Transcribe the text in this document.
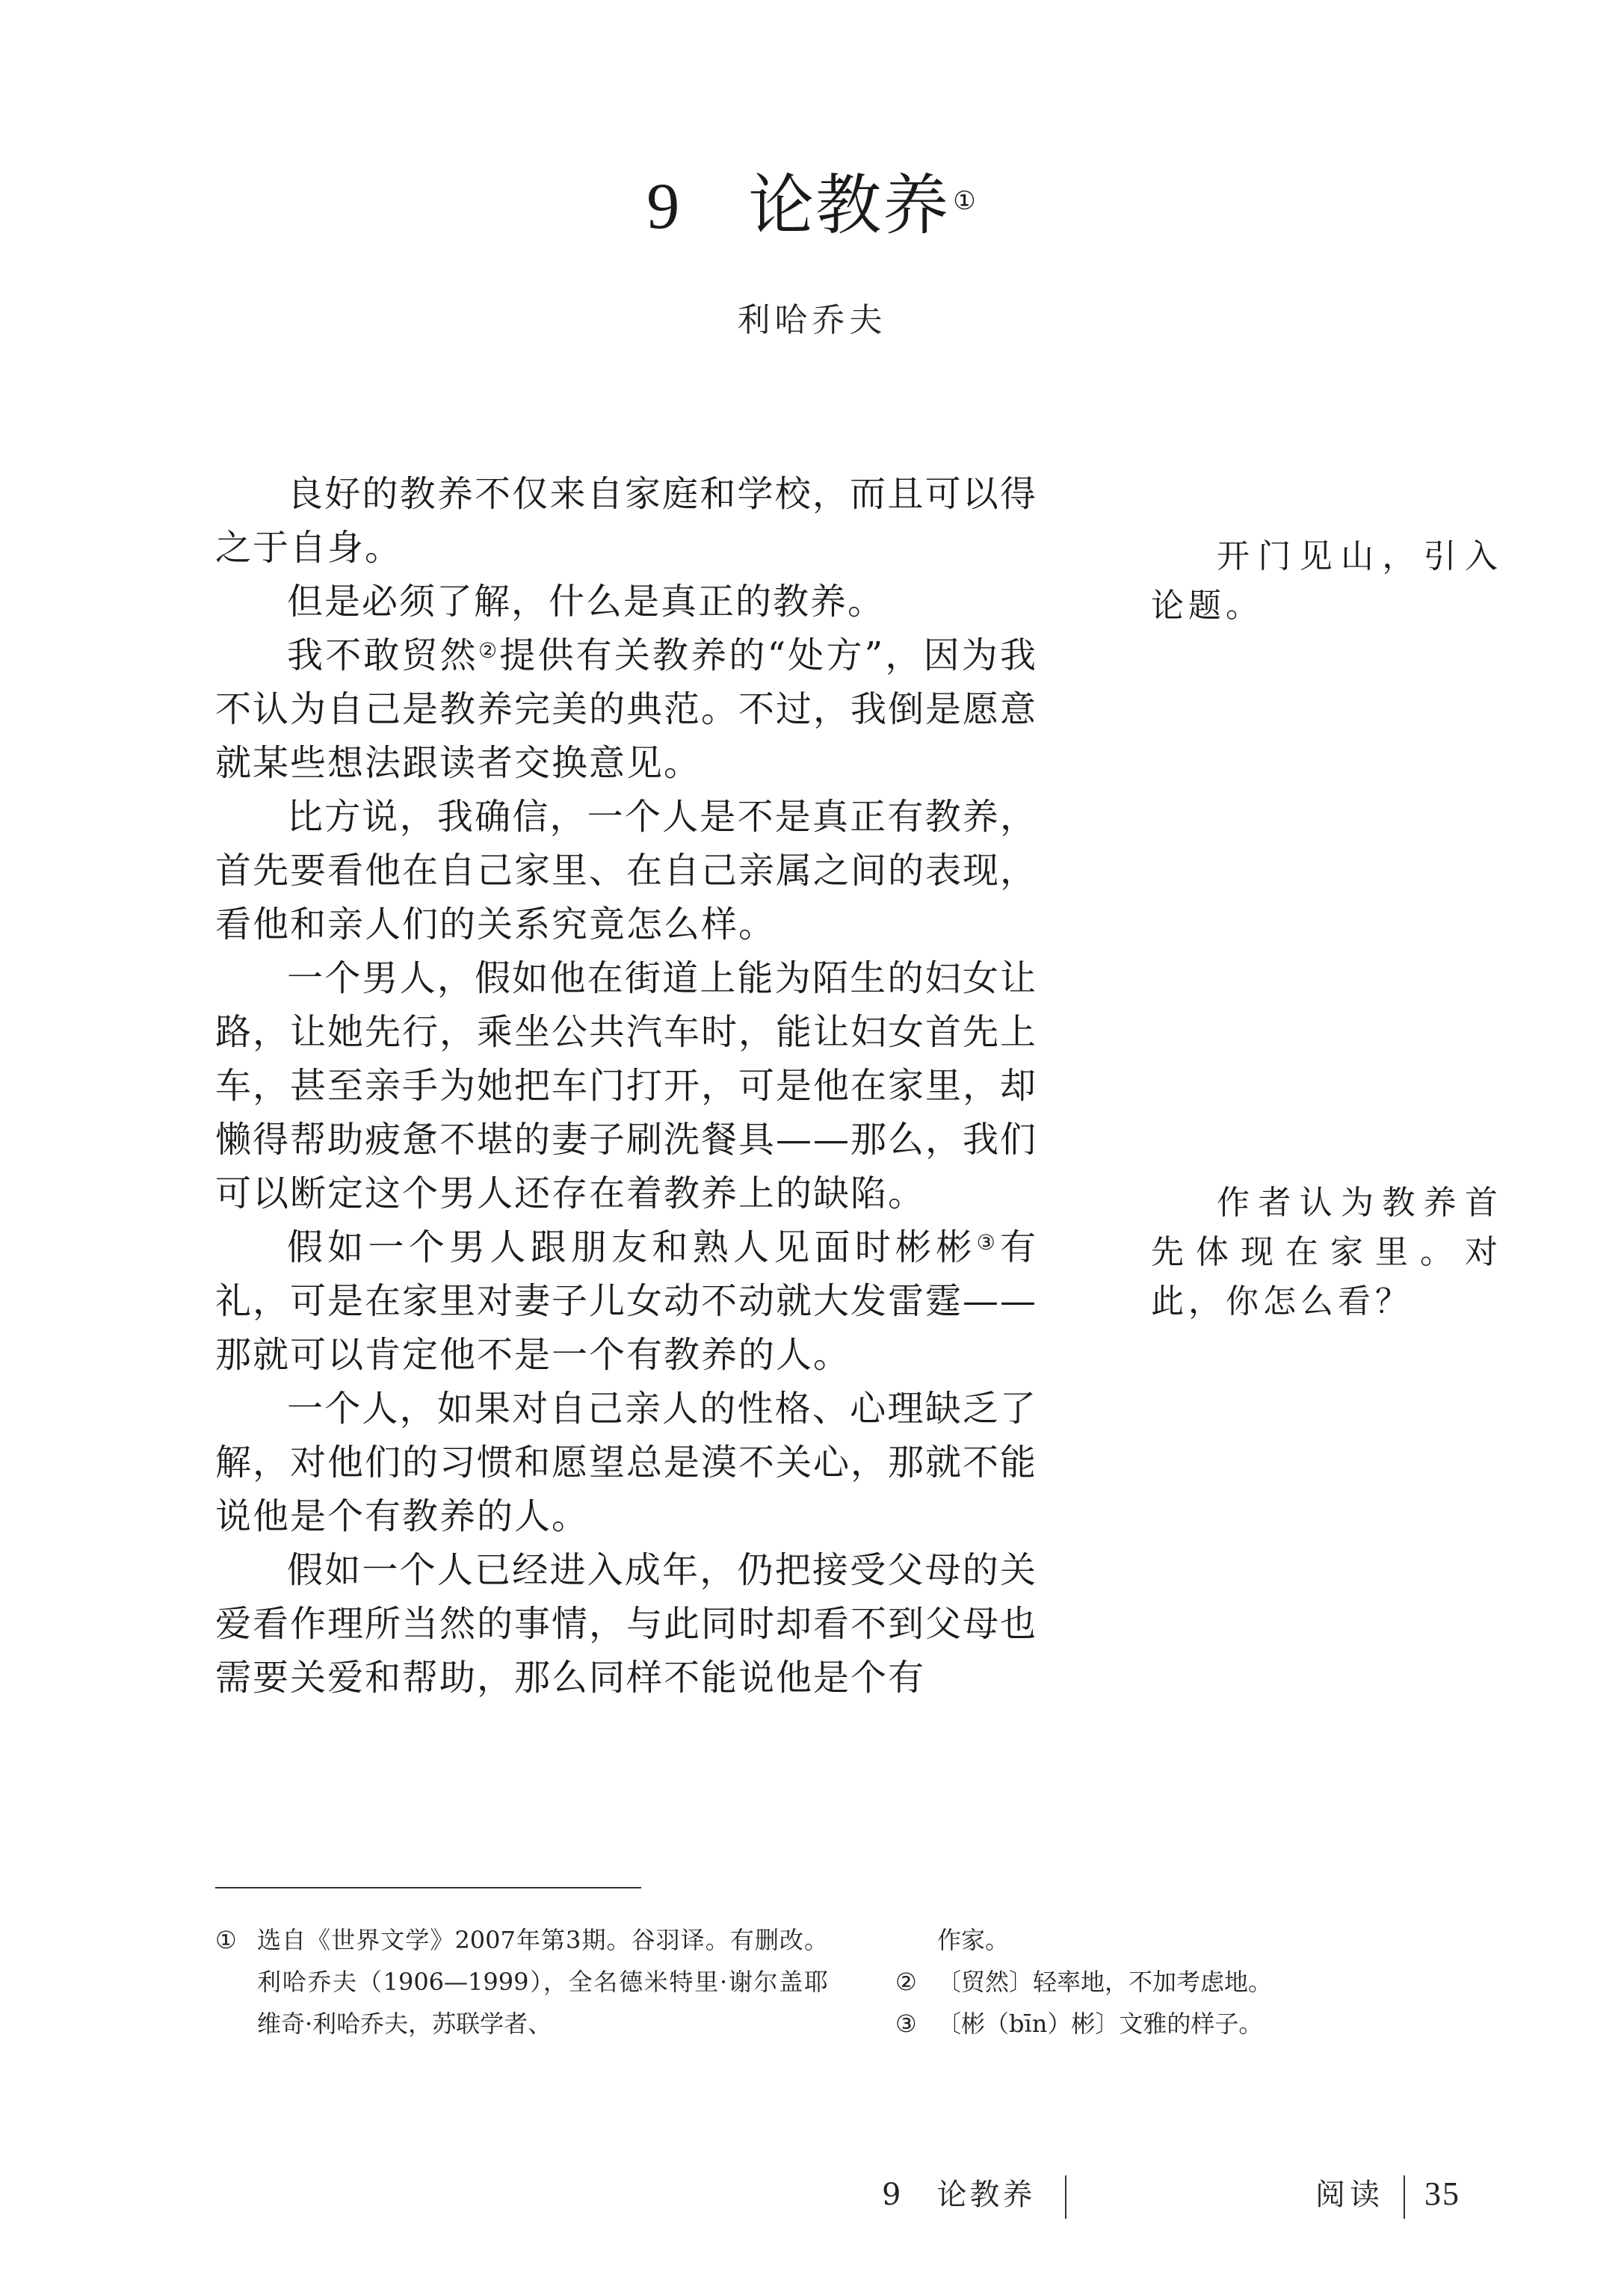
9 论教养 ①
利哈乔夫

良好的教养不仅来自家庭和学校，而且可以得之于自身。

但是必须了解，什么是真正的教养。

我不敢贸然②提供有关教养的“处方”，因为我不认为自己是教养完美的典范。不过，我倒是愿意就某些想法跟读者交换意见。

比方说，我确信，一个人是不是真正有教养，首先要看他在自己家里、在自己亲属之间的表现，看他和亲人们的关系究竟怎么样。

一个男人，假如他在街道上能为陌生的妇女让路，让她先行，乘坐公共汽车时，能让妇女首先上车，甚至亲手为她把车门打开，可是他在家里，却懒得帮助疲惫不堪的妻子刷洗餐具——那么，我们可以断定这个男人还存在着教养上的缺陷。

假如一个男人跟朋友和熟人见面时彬彬③有礼，可是在家里对妻子儿女动不动就大发雷霆——那就可以肯定他不是一个有教养的人。

一个人，如果对自己亲人的性格、心理缺乏了解，对他们的习惯和愿望总是漠不关心，那就不能说他是个有教养的人。

假如一个人已经进入成年，仍把接受父母的关爱看作理所当然的事情，与此同时却看不到父母也需要关爱和帮助，那么同样不能说他是个有

开门见山，引入论题。
作者认为教养首先体现在家里。对此，你怎么看？
① 选自《世界文学》2007年第3期。谷羽译。有删改。利哈乔夫（1906—1999），全名德米特里·谢尔盖耶维奇·利哈乔夫，苏联学者、
作家。
② 〔贸然〕轻率地，不加考虑地。
③ 〔彬（bīn）彬〕文雅的样子。
9　论教养	阅读 35
